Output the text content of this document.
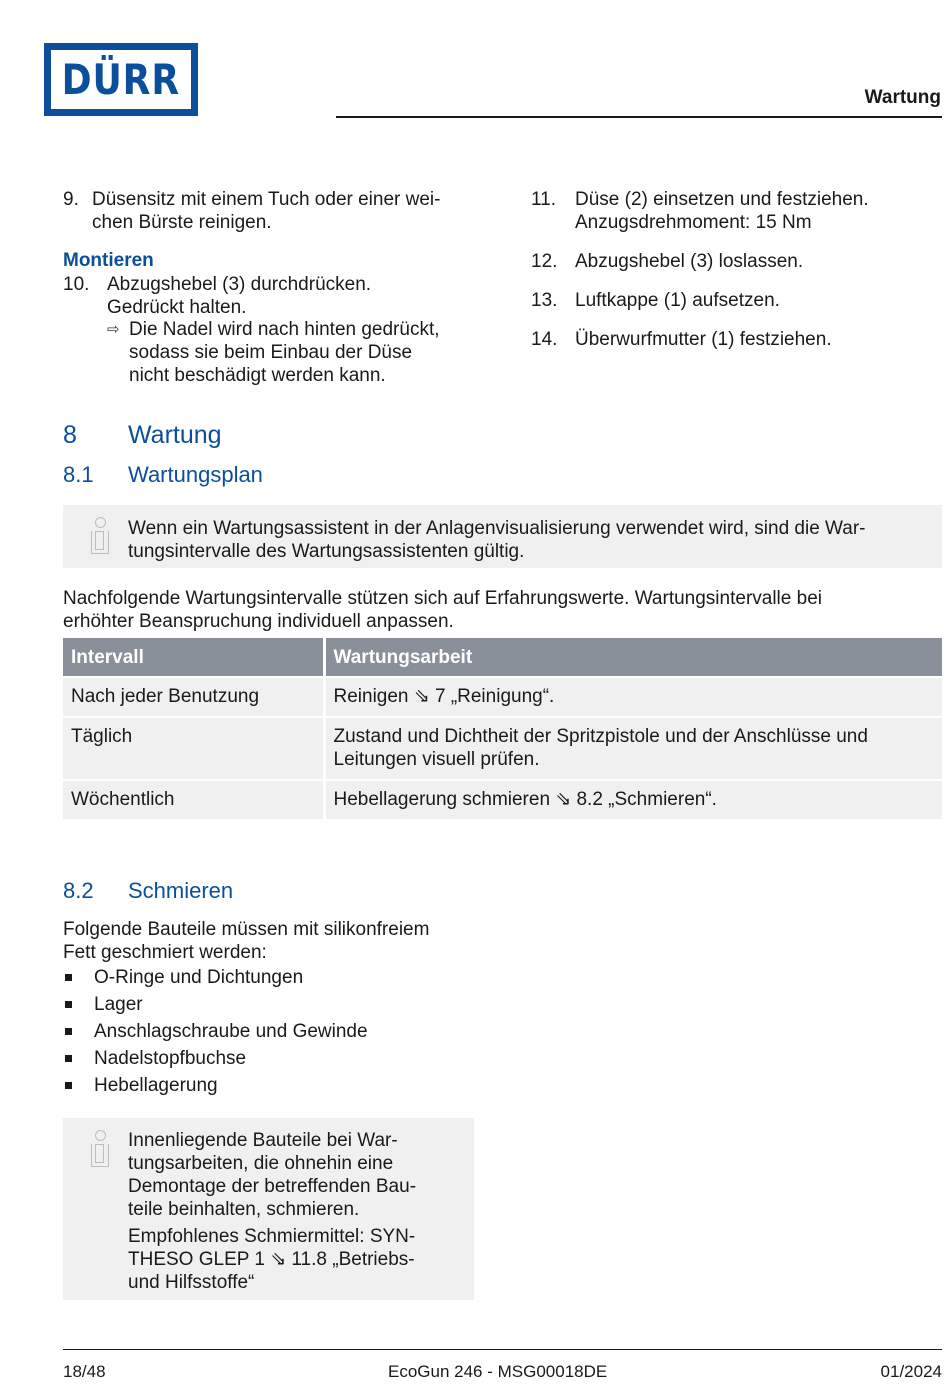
DÜRR	Wartung
9. Düsensitz mit einem Tuch oder einer wei-
chen Bürste reinigen.
Montieren
10. Abzugshebel (3) durchdrücken.
Gedrückt halten.
⇨ Die Nadel wird nach hinten gedrückt,
sodass sie beim Einbau der Düse
nicht beschädigt werden kann.
11. Düse (2) einsetzen und festziehen.
Anzugsdrehmoment: 15 Nm
12. Abzugshebel (3) loslassen.
13. Luftkappe (1) aufsetzen.
14. Überwurfmutter (1) festziehen.
8	Wartung
8.1	Wartungsplan
Wenn ein Wartungsassistent in der Anlagenvisualisierung verwendet wird, sind die War-
tungsintervalle des Wartungsassistenten gültig.
Nachfolgende Wartungsintervalle stützen sich auf Erfahrungswerte. Wartungsintervalle bei
erhöhter Beanspruchung individuell anpassen.
Intervall	Wartungsarbeit
Nach jeder Benutzung	Reinigen ⇘ 7 „Reinigung“.
Täglich	Zustand und Dichtheit der Spritzpistole und der Anschlüsse und
Leitungen visuell prüfen.

Wöchentlich	Hebellagerung schmieren ⇘ 8.2 „Schmieren“.
8.2	Schmieren
Folgende Bauteile müssen mit silikonfreiem
Fett geschmiert werden:
O-Ringe und Dichtungen
Lager
Anschlagschraube und Gewinde
Nadelstopfbuchse
Hebellagerung
Innenliegende Bauteile bei War-
tungsarbeiten, die ohnehin eine
Demontage der betreffenden Bau-
teile beinhalten, schmieren.
Empfohlenes Schmiermittel: SYN-
THESO GLEP 1 ⇘ 11.8 „Betriebs-
und Hilfsstoffe“
18/48	EcoGun 246 - MSG00018DE	01/2024
